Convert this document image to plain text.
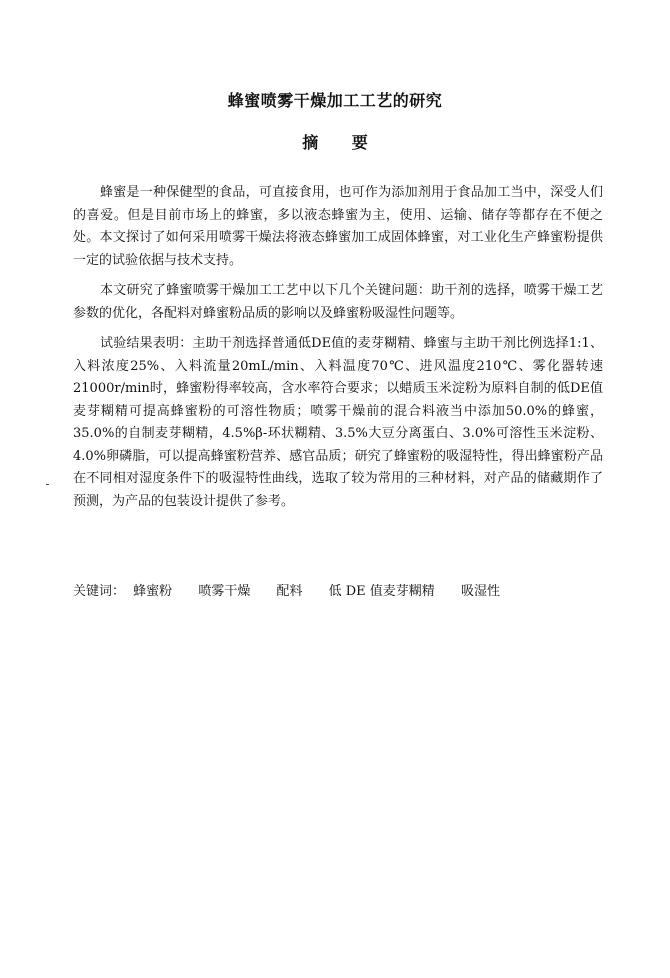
蜂蜜喷雾干燥加工工艺的研究
摘 要

蜂蜜是一种保健型的食品，可直接食用，也可作为添加剂用于食品加工当中，深受人们的喜爱。但是目前市场上的蜂蜜，多以液态蜂蜜为主，使用、运输、储存等都存在不便之处。本文探讨了如何采用喷雾干燥法将液态蜂蜜加工成固体蜂蜜，对工业化生产蜂蜜粉提供一定的试验依据与技术支持。

本文研究了蜂蜜喷雾干燥加工工艺中以下几个关键问题：助干剂的选择，喷雾干燥工艺参数的优化，各配料对蜂蜜粉品质的影响以及蜂蜜粉吸湿性问题等。

试验结果表明：主助干剂选择普通低DE值的麦芽糊精、蜂蜜与主助干剂比例选择1:1、入料浓度25%、入料流量20mL/min、入料温度70℃、进风温度210℃、雾化器转速21000r/min时，蜂蜜粉得率较高，含水率符合要求；以蜡质玉米淀粉为原料自制的低DE值麦芽糊精可提高蜂蜜粉的可溶性物质；喷雾干燥前的混合料液当中添加50.0%的蜂蜜，35.0%的自制麦芽糊精，4.5%β-环状糊精、3.5%大豆分离蛋白、3.0%可溶性玉米淀粉、4.0%卵磷脂，可以提高蜂蜜粉营养、感官品质；研究了蜂蜜粉的吸湿特性，得出蜂蜜粉产品在不同相对湿度条件下的吸湿特性曲线，选取了较为常用的三种材料，对产品的储藏期作了预测，为产品的包装设计提供了参考。

关键词： 蜂蜜粉 喷雾干燥 配料 低 DE 值麦芽糊精 吸湿性
